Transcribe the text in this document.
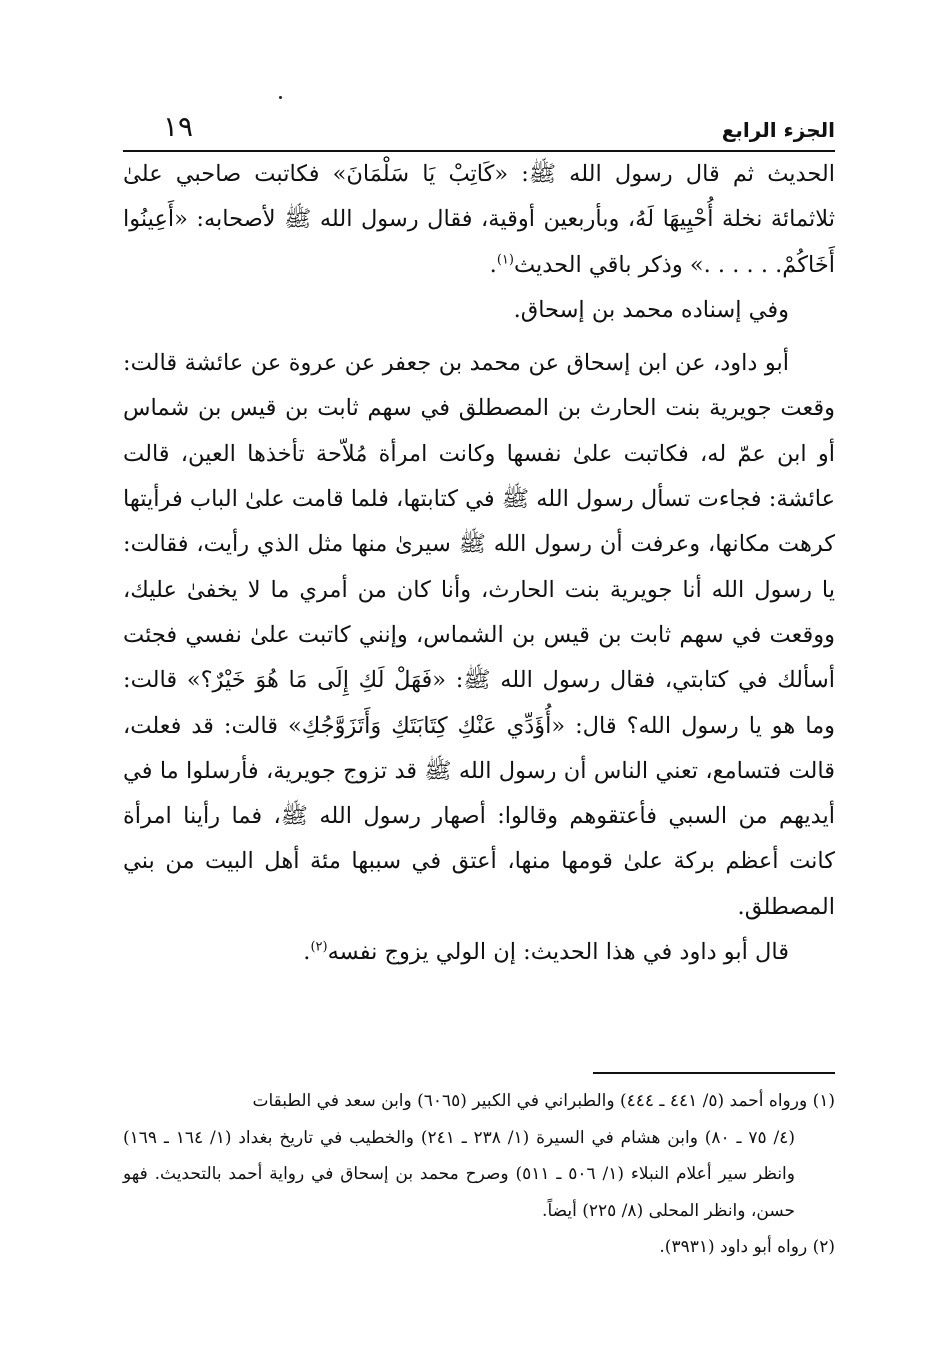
الجزء الرابع
١٩

الحديث ثم قال رسول الله ﷺ: «كَاتِبْ يَا سَلْمَانَ» فكاتبت صاحبي علىٰ ثلاثمائة نخلة أُحْيِيهَا لَهُ، وبأربعين أوقية، فقال رسول الله ﷺ لأصحابه: «أَعِينُوا أَخَاكُمْ. . . . . .» وذكر باقي الحديث$^{(١)}$.

وفي إسناده محمد بن إسحاق.

أبو داود، عن ابن إسحاق عن محمد بن جعفر عن عروة عن عائشة قالت: وقعت جويرية بنت الحارث بن المصطلق في سهم ثابت بن قيس بن شماس أو ابن عمّ له، فكاتبت علىٰ نفسها وكانت امرأة مُلاّحة تأخذها العين، قالت عائشة: فجاءت تسأل رسول الله ﷺ في كتابتها، فلما قامت علىٰ الباب فرأيتها كرهت مكانها، وعرفت أن رسول الله ﷺ سيرىٰ منها مثل الذي رأيت، فقالت: يا رسول الله أنا جويرية بنت الحارث، وأنا كان من أمري ما لا يخفىٰ عليك، ووقعت في سهم ثابت بن قيس بن الشماس، وإنني كاتبت علىٰ نفسي فجئت أسألك في كتابتي، فقال رسول الله ﷺ: «فَهَلْ لَكِ إِلَى مَا هُوَ خَيْرٌ؟» قالت: وما هو يا رسول الله؟ قال: «أُؤَدِّي عَنْكِ كِتَابَتَكِ وَأَتَزَوَّجُكِ» قالت: قد فعلت، قالت فتسامع، تعني الناس أن رسول الله ﷺ قد تزوج جويرية، فأرسلوا ما في أيديهم من السبي فأعتقوهم وقالوا: أصهار رسول الله ﷺ، فما رأينا امرأة كانت أعظم بركة علىٰ قومها منها، أعتق في سببها مئة أهل البيت من بني المصطلق.

قال أبو داود في هذا الحديث: إن الولي يزوج نفسه$^{(٢)}$.

(١) ورواه أحمد (٥/ ٤٤١ ـ ٤٤٤) والطبراني في الكبير (٦٠٦٥) وابن سعد في الطبقات

(٤/ ٧٥ ـ ٨٠) وابن هشام في السيرة (١/ ٢٣٨ ـ ٢٤١) والخطيب في تاريخ بغداد (١/ ١٦٤ ـ ١٦٩) وانظر سير أعلام النبلاء (١/ ٥٠٦ ـ ٥١١) وصرح محمد بن إسحاق في رواية أحمد بالتحديث. فهو حسن، وانظر المحلى (٨/ ٢٢٥) أيضاً.

(٢) رواه أبو داود (٣٩٣١).
